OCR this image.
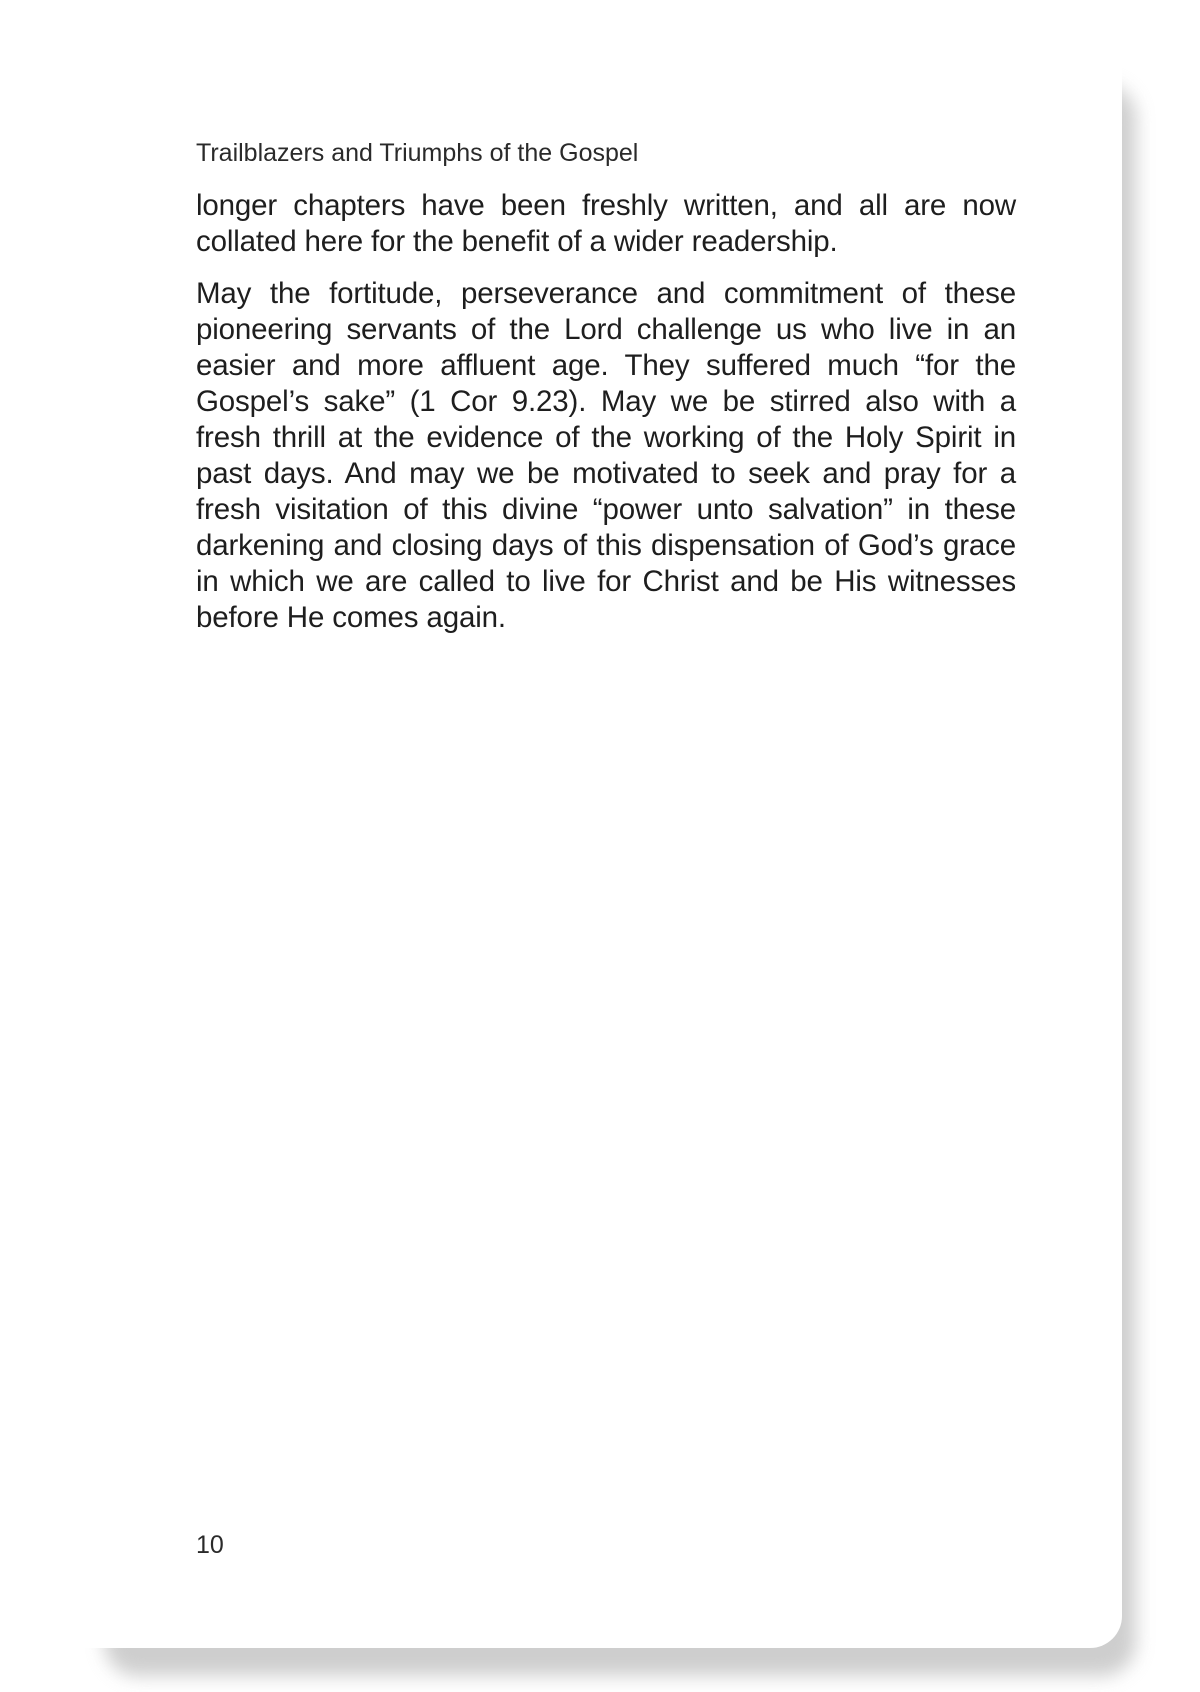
Trailblazers and Triumphs of the Gospel

longer chapters have been freshly written, and all are now collated here for the benefit of a wider readership.

May the fortitude, perseverance and commitment of these pioneering servants of the Lord challenge us who live in an easier and more affluent age. They suffered much “for the Gospel’s sake” (1 Cor 9.23). May we be stirred also with a fresh thrill at the evidence of the working of the Holy Spirit in past days. And may we be motivated to seek and pray for a fresh visitation of this divine “power unto salvation” in these darkening and closing days of this dispensation of God’s grace in which we are called to live for Christ and be His witnesses before He comes again.

10
